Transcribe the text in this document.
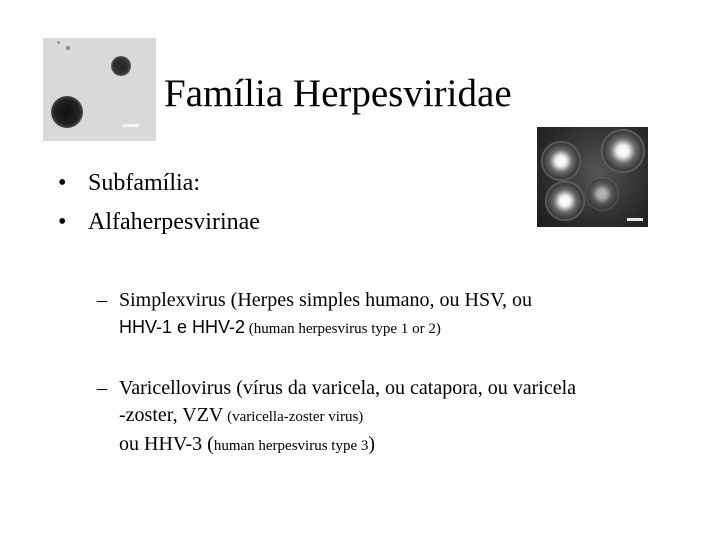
Família Herpesviridae
• Subfamília:
• Alfaherpesvirinae
– Simplexvirus (Herpes simples humano, ou HSV, ou
HHV-1 e HHV-2 (human herpesvirus type 1 or 2)
– Varicellovirus (vírus da varicela, ou catapora, ou varicela
-zoster, VZV (varicella-zoster virus)
ou HHV-3 (human herpesvirus type 3)
